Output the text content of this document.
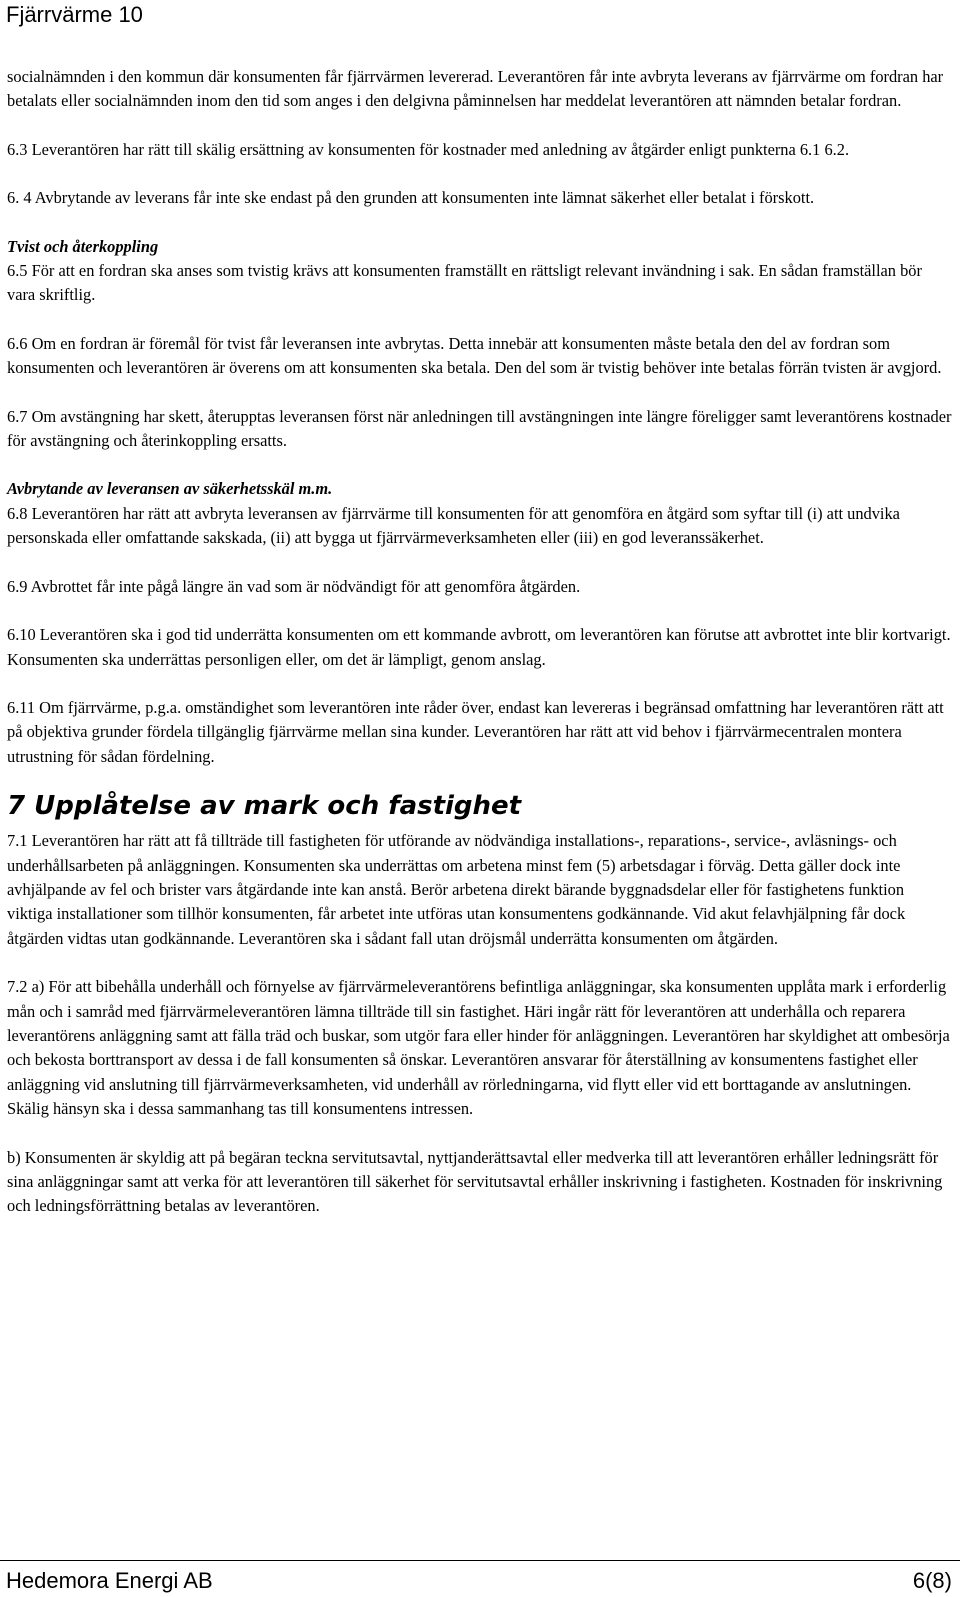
Fjärrvärme 10

socialnämnden i den kommun där konsumenten får fjärrvärmen levererad. Leverantören får inte avbryta leverans av fjärrvärme om fordran har betalats eller socialnämnden inom den tid som anges i den delgivna påminnelsen har meddelat leverantören att nämnden betalar fordran.

6.3 Leverantören har rätt till skälig ersättning av konsumenten för kostnader med anledning av åtgärder enligt punkterna 6.1 6.2.

6. 4 Avbrytande av leverans får inte ske endast på den grunden att konsumenten inte lämnat säkerhet eller betalat i förskott.

Tvist och återkoppling

6.5 För att en fordran ska anses som tvistig krävs att konsumenten framställt en rättsligt relevant invändning i sak. En sådan framställan bör vara skriftlig.

6.6 Om en fordran är föremål för tvist får leveransen inte avbrytas. Detta innebär att konsumenten måste betala den del av fordran som konsumenten och leverantören är överens om att konsumenten ska betala. Den del som är tvistig behöver inte betalas förrän tvisten är avgjord.

6.7 Om avstängning har skett, återupptas leveransen först när anledningen till avstängningen inte längre föreligger samt leverantörens kostnader för avstängning och återinkoppling ersatts.

Avbrytande av leveransen av säkerhetsskäl m.m.

6.8 Leverantören har rätt att avbryta leveransen av fjärrvärme till konsumenten för att genomföra en åtgärd som syftar till (i) att undvika personskada eller omfattande sakskada, (ii) att bygga ut fjärrvärmeverksamheten eller (iii) en god leveranssäkerhet.

6.9 Avbrottet får inte pågå längre än vad som är nödvändigt för att genomföra åtgärden.

6.10 Leverantören ska i god tid underrätta konsumenten om ett kommande avbrott, om leverantören kan förutse att avbrottet inte blir kortvarigt. Konsumenten ska underrättas personligen eller, om det är lämpligt, genom anslag.

6.11 Om fjärrvärme, p.g.a. omständighet som leverantören inte råder över, endast kan levereras i begränsad omfattning har leverantören rätt att på objektiva grunder fördela tillgänglig fjärrvärme mellan sina kunder. Leverantören har rätt att vid behov i fjärrvärmecentralen montera utrustning för sådan fördelning.

7 Upplåtelse av mark och fastighet

7.1 Leverantören har rätt att få tillträde till fastigheten för utförande av nödvändiga installations-, reparations-, service-, avläsnings- och underhållsarbeten på anläggningen. Konsumenten ska underrättas om arbetena minst fem (5) arbetsdagar i förväg. Detta gäller dock inte avhjälpande av fel och brister vars åtgärdande inte kan anstå. Berör arbetena direkt bärande byggnadsdelar eller för fastighetens funktion viktiga installationer som tillhör konsumenten, får arbetet inte utföras utan konsumentens godkännande. Vid akut felavhjälpning får dock åtgärden vidtas utan godkännande. Leverantören ska i sådant fall utan dröjsmål underrätta konsumenten om åtgärden.

7.2 a) För att bibehålla underhåll och förnyelse av fjärrvärmeleverantörens befintliga anläggningar, ska konsumenten upplåta mark i erforderlig mån och i samråd med fjärrvärmeleverantören lämna tillträde till sin fastighet. Häri ingår rätt för leverantören att underhålla och reparera leverantörens anläggning samt att fälla träd och buskar, som utgör fara eller hinder för anläggningen. Leverantören har skyldighet att ombesörja och bekosta borttransport av dessa i de fall konsumenten så önskar. Leverantören ansvarar för återställning av konsumentens fastighet eller anläggning vid anslutning till fjärrvärmeverksamheten, vid underhåll av rörledningarna, vid flytt eller vid ett borttagande av anslutningen.

Skälig hänsyn ska i dessa sammanhang tas till konsumentens intressen.

b) Konsumenten är skyldig att på begäran teckna servitutsavtal, nyttjanderättsavtal eller medverka till att leverantören erhåller ledningsrätt för sina anläggningar samt att verka för att leverantören till säkerhet för servitutsavtal erhåller inskrivning i fastigheten. Kostnaden för inskrivning och ledningsförrättning betalas av leverantören.

Hedemora Energi AB	6(8)
